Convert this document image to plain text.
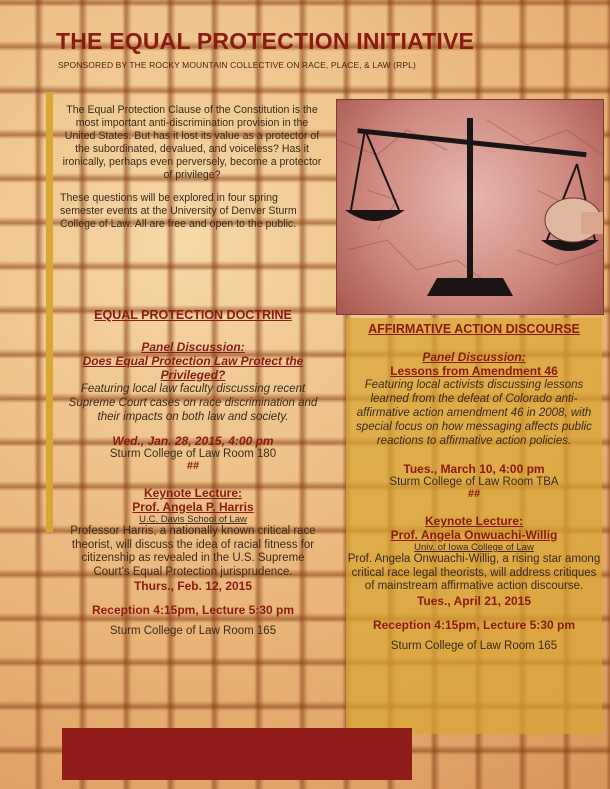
THE EQUAL PROTECTION INITIATIVE

SPONSORED BY THE ROCKY MOUNTAIN COLLECTIVE ON RACE, PLACE, & LAW (RPL)

The Equal Protection Clause of the Constitution is the most important anti-discrimination provision in the United States. But has it lost its value as a protector of the subordinated, devalued, and voiceless? Has it ironically, perhaps even perversely, become a protector of privilege?

These questions will be explored in four spring semester events at the University of Denver Sturm College of Law. All are free and open to the public.

EQUAL PROTECTION DOCTRINE

Panel Discussion:

Does Equal Protection Law Protect the Privileged?

Featuring local law faculty discussing recent Supreme Court cases on race discrimination and their impacts on both law and society.

Wed., Jan. 28, 2015, 4:00 pm

Sturm College of Law Room 180

##

Keynote Lecture:

Prof. Angela P. Harris

U.C. Davis School of Law

Professor Harris, a nationally known critical race theorist, will discuss the idea of racial fitness for citizenship as revealed in the U.S. Supreme Court's Equal Protection jurisprudence.

Thurs., Feb. 12, 2015

Reception 4:15pm, Lecture 5:30 pm

Sturm College of Law Room 165

AFFIRMATIVE ACTION DISCOURSE

Panel Discussion:

Lessons from Amendment 46

Featuring local activists discussing lessons learned from the defeat of Colorado anti-affirmative action amendment 46 in 2008, with special focus on how messaging affects public reactions to affirmative action policies.

Tues., March 10, 4:00 pm

Sturm College of Law Room TBA

##

Keynote Lecture:

Prof. Angela Onwuachi-Willig

Univ. of Iowa College of Law

Prof. Angela Onwuachi-Willig, a rising star among critical race legal theorists, will address critiques of mainstream affirmative action discourse.

Tues., April 21, 2015

Reception 4:15pm, Lecture 5:30 pm

Sturm College of Law Room 165
